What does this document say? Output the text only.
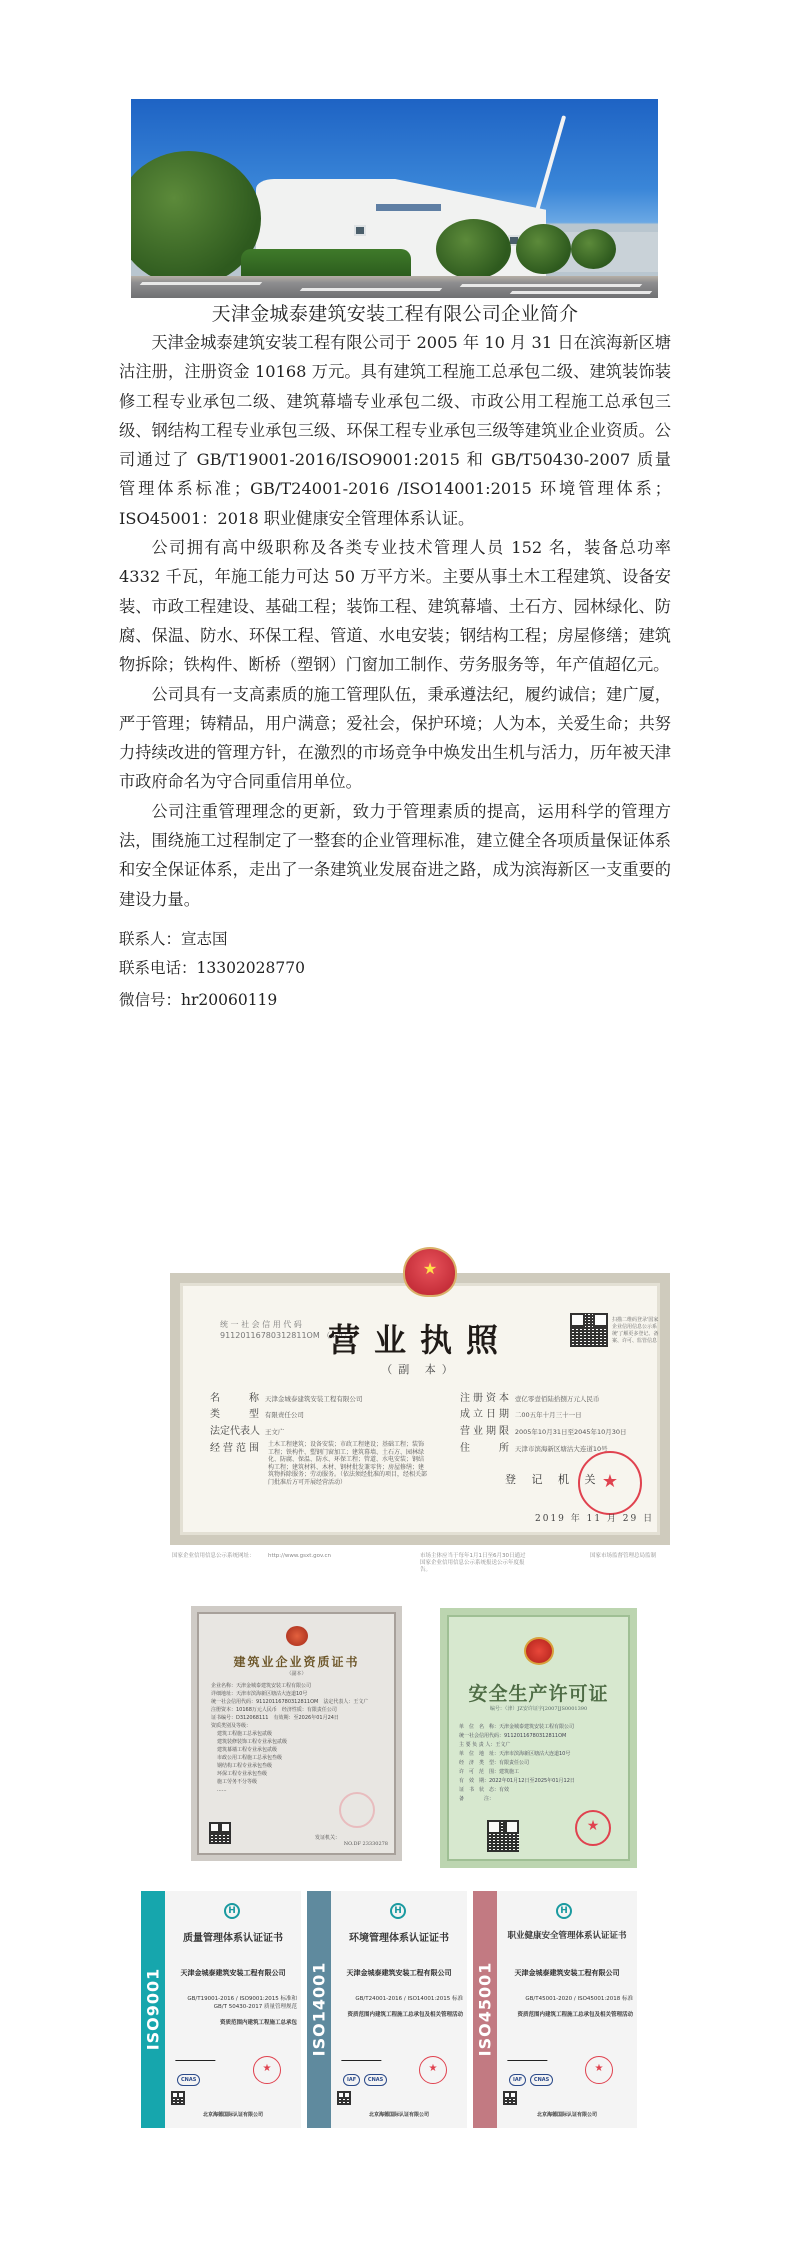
天津金城泰建筑安装工程有限公司企业简介

天津金城泰建筑安装工程有限公司于 2005 年 10 月 31 日在滨海新区塘沽注册，注册资金 10168 万元。具有建筑工程施工总承包二级、建筑装饰装修工程专业承包二级、建筑幕墙专业承包二级、市政公用工程施工总承包三级、钢结构工程专业承包三级、环保工程专业承包三级等建筑业企业资质。公司通过了 GB/T19001-2016/ISO9001:2015 和 GB/T50430-2007 质量管理体系标准；GB/T24001-2016 /ISO14001:2015 环境管理体系；ISO45001：2018 职业健康安全管理体系认证。

公司拥有高中级职称及各类专业技术管理人员 152 名，装备总功率 4332 千瓦，年施工能力可达 50 万平方米。主要从事土木工程建筑、设备安装、市政工程建设、基础工程；装饰工程、建筑幕墙、土石方、园林绿化、防腐、保温、防水、环保工程、管道、水电安装；钢结构工程；房屋修缮；建筑物拆除；铁构件、断桥（塑钢）门窗加工制作、劳务服务等，年产值超亿元。

公司具有一支高素质的施工管理队伍，秉承遵法纪，履约诚信；建广厦，严于管理；铸精品，用户满意；爱社会，保护环境；人为本，关爱生命；共努力持续改进的管理方针，在激烈的市场竞争中焕发出生机与活力，历年被天津市政府命名为守合同重信用单位。

公司注重管理理念的更新，致力于管理素质的提高，运用科学的管理方法，围绕施工过程制定了一整套的企业管理标准，建立健全各项质量保证体系和安全保证体系，走出了一条建筑业发展奋进之路，成为滨海新区一支重要的建设力量。

联系人：宣志国
联系电话：13302028770
微信号：hr20060119
★
统 一 社 会 信 用 代 码
91120116780312811OM （4-4）
营业执照
（副 本）
扫描二维码登录'国家企业信用信息公示系统'了解更多登记、备案、许可、监管信息
名　　称 天津金城泰建筑安装工程有限公司
类　　型 有限责任公司
法定代表人 王文广
经营范围 土木工程建筑；设备安装；市政工程建设；基础工程；装饰工程；铁构件、塑钢门窗加工；建筑幕墙、土石方、园林绿化、防腐、保温、防水、环保工程；管道、水电安装；钢结构工程；建筑材料、木材、钢材批发兼零售；房屋修缮；建筑物拆除服务；劳动服务。（依法须经批准的项目，经相关部门批准后方可开展经营活动）
注册资本 壹亿零壹佰陆拾捌万元人民币
成立日期 二00五年十月三十一日
营业期限 2005年10月31日至2045年10月30日
住　　所 天津市滨海新区塘沽大连道10号
登 记 机 关 ★
2019 年 11 月 29 日
国家企业信用信息公示系统网址： http://www.gsxt.gov.cn	市场主体应当于每年1月1日至6月30日通过国家企业信用信息公示系统报送公示年度报告。
国家市场监督管理总局监制
建筑业企业资质证书
（副本）
企业名称：天津金城泰建筑安装工程有限公司
详细地址：天津市滨海新区塘沽大连道10号
统一社会信用代码：91120116780312811OM　法定代表人：王文广
注册资本：10168万元人民币　经济性质：有限责任公司
证书编号：D312068111　有效期：至2026年01月24日
资质类别及等级：
建筑工程施工总承包贰级
建筑装修装饰工程专业承包贰级
建筑幕墙工程专业承包贰级
市政公用工程施工总承包叁级
钢结构工程专业承包叁级
环保工程专业承包叁级
施工劳务不分等级
......
发证机关：
NO.DF 23330278
安全生产许可证
编号：（津）JZ安许证字[2007]JS0001390
单　位　名　称：天津金城泰建筑安装工程有限公司
统一社会信用代码：91120116780312811OM
主 要 负 责 人：王文广
单　位　地　址：天津市滨海新区塘沽大连道10号
经　济　类　型：有限责任公司
许　可　范　围：建筑施工
有　效　期：2022年01月12日至2025年01月12日
证　书　状　态：有效
备　　　　注：
★
ISO9001
H
质量管理体系认证证书
天津金城泰建筑安装工程有限公司
GB/T19001-2016 / ISO9001:2015 标准和
GB/T 50430-2017 质量管理规范
资质范围内建筑工程施工总承包
CNAS
★
北京海德国际认证有限公司
ISO14001
H
环境管理体系认证证书
天津金城泰建筑安装工程有限公司
GB/T24001-2016 / ISO14001:2015 标准
资质范围内建筑工程施工总承包及相关管理活动
IAF CNAS
★
北京海德国际认证有限公司
ISO45001
H
职业健康安全管理体系认证证书
天津金城泰建筑安装工程有限公司
GB/T45001-2020 / ISO45001:2018 标准
资质范围内建筑工程施工总承包及相关管理活动
IAF CNAS
★
北京海德国际认证有限公司
